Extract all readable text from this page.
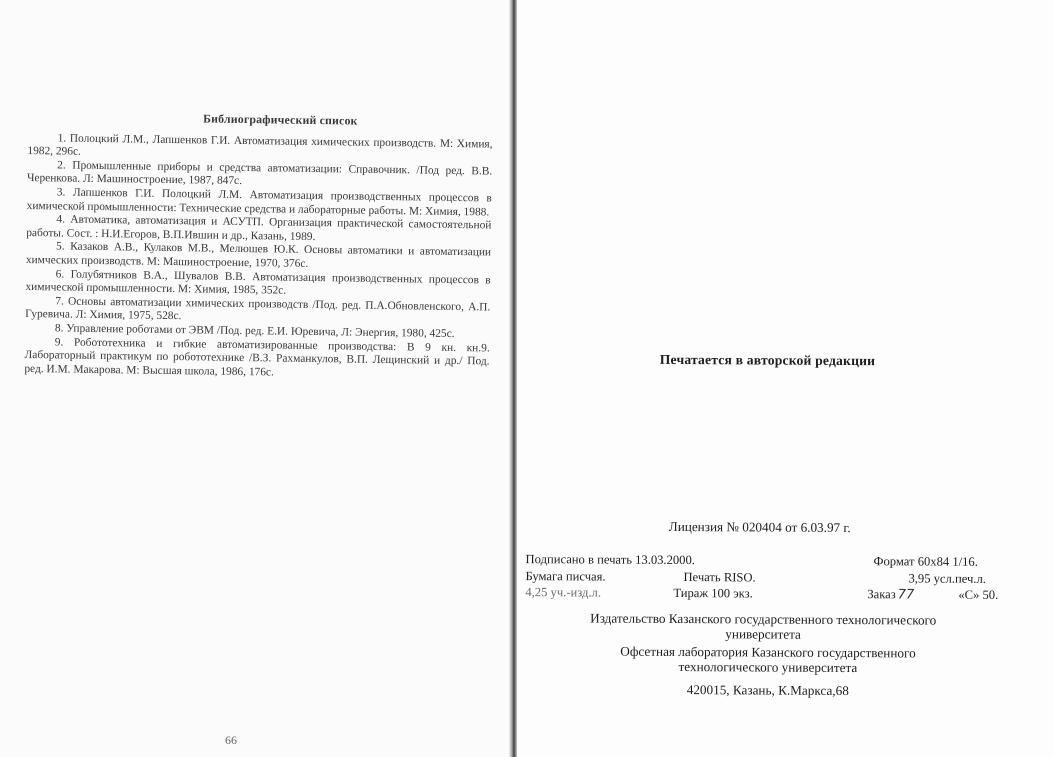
Библиографический список
1. Полоцкий Л.М., Лапшенков Г.И. Автоматизация химических производств. М: Химия, 1982, 296с.
2. Промышленные приборы и средства автоматизации: Справочник. /Под ред. В.В. Черенкова. Л: Машиностроение, 1987, 847с.
3. Лапшенков Г.И. Полоцкий Л.М. Автоматизация производственных процессов в химической промышленности: Технические средства и лабораторные работы. М: Химия, 1988.
4. Автоматика, автоматизация и АСУТП. Организация практической самостоятельной работы. Сост. : Н.И.Егоров, В.П.Ившин и др., Казань, 1989.
5. Казаков А.В., Кулаков М.В., Мелюшев Ю.К. Основы автоматики и автоматизации химческих производств. М: Машиностроение, 1970, 376с.
6. Голубятников В.А., Шувалов В.В. Автоматизация производственных процессов в химической промышленности. М: Химия, 1985, 352с.
7. Основы автоматизации химических производств /Под. ред. П.А.Обновленского, А.П. Гуревича. Л: Химия, 1975, 528с.
8. Управление роботами от ЭВМ /Под. ред. Е.И. Юревича, Л: Энергия, 1980, 425с.
9. Робототехника и гибкие автоматизированные производства: В 9 кн. кн.9. Лабораторный практикум по робототехнике /В.З. Рахманкулов, В.П. Лещинский и др./ Под. ред. И.М. Макарова. М: Высшая школа, 1986, 176с.
66
Печатается в авторской редакции
Лицензия № 020404 от 6.03.97 г.
Подписано в печать 13.03.2000.	Формат 60х84 1/16.
Бумага писчая.	Печать RISO.	3,95 усл.печ.л.
4,25 уч.-изд.л.	Тираж 100 экз.	Заказ 77	«С» 50.
Издательство Казанского государственного технологического
университета
Офсетная лаборатория Казанского государственного
технологического университета
420015, Казань, К.Маркса,68
